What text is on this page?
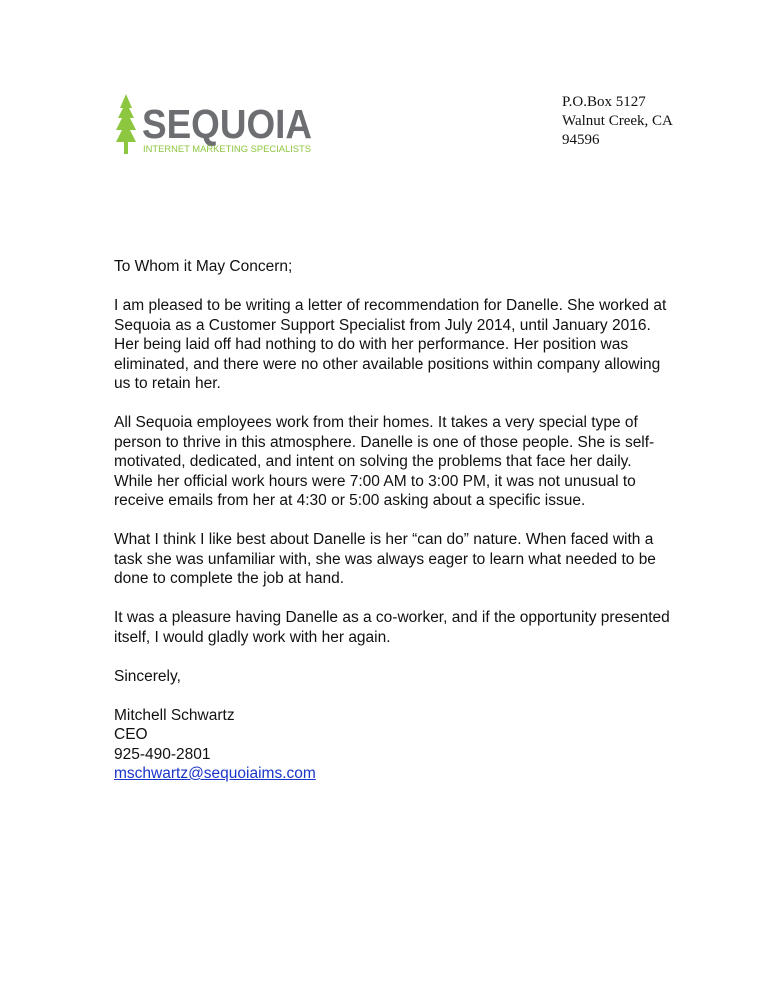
SEQUOIA
INTERNET MARKETING SPECIALISTS
P.O.Box 5127
Walnut Creek, CA
94596

To Whom it May Concern;

I am pleased to be writing a letter of recommendation for Danelle. She worked at
Sequoia as a Customer Support Specialist from July 2014, until January 2016.
Her being laid off had nothing to do with her performance. Her position was
eliminated, and there were no other available positions within company allowing
us to retain her.

All Sequoia employees work from their homes. It takes a very special type of
person to thrive in this atmosphere. Danelle is one of those people. She is self-
motivated, dedicated, and intent on solving the problems that face her daily.
While her official work hours were 7:00 AM to 3:00 PM, it was not unusual to
receive emails from her at 4:30 or 5:00 asking about a specific issue.

What I think I like best about Danelle is her “can do” nature. When faced with a
task she was unfamiliar with, she was always eager to learn what needed to be
done to complete the job at hand.

It was a pleasure having Danelle as a co-worker, and if the opportunity presented
itself, I would gladly work with her again.

Sincerely,

Mitchell Schwartz
CEO
925-490-2801
mschwartz@sequoiaims.com
